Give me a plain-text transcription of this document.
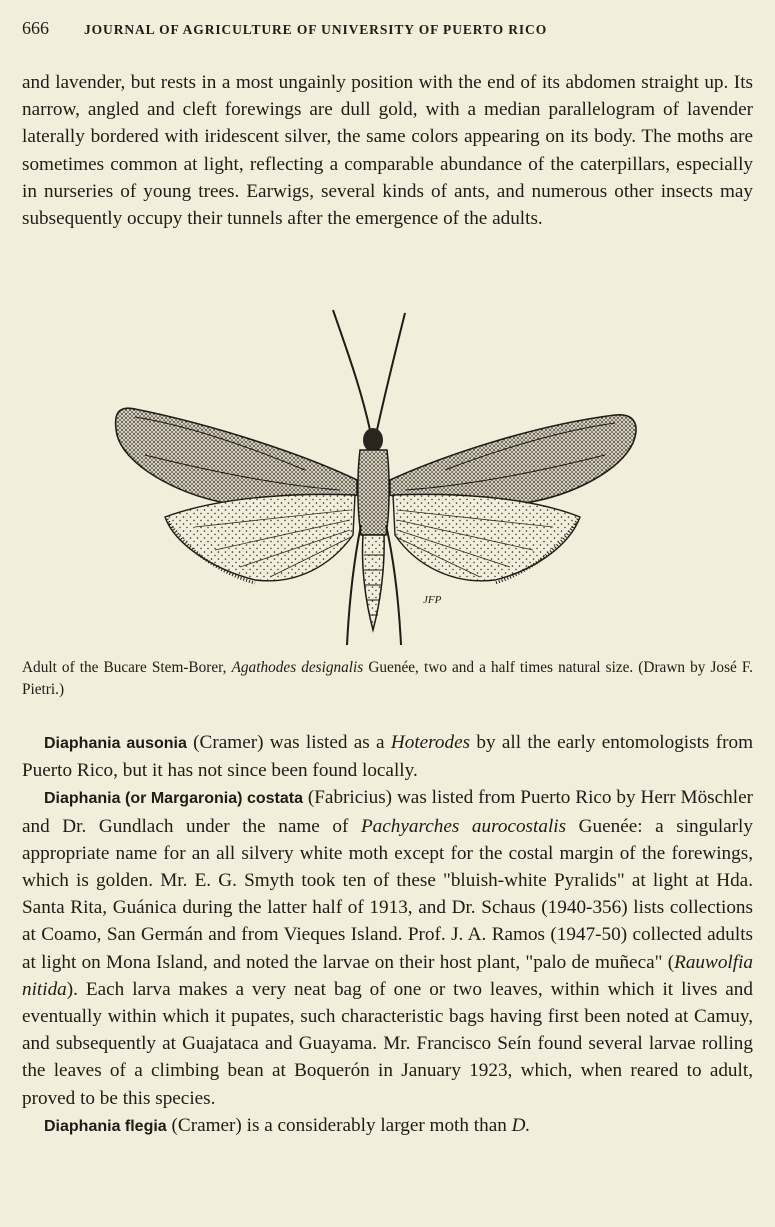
666	JOURNAL OF AGRICULTURE OF UNIVERSITY OF PUERTO RICO

and lavender, but rests in a most ungainly position with the end of its abdomen straight up. Its narrow, angled and cleft forewings are dull gold, with a median parallelogram of lavender laterally bordered with iridescent silver, the same colors appearing on its body. The moths are sometimes common at light, reflecting a comparable abundance of the caterpillars, especially in nurseries of young trees. Earwigs, several kinds of ants, and numerous other insects may subsequently occupy their tunnels after the emergence of the adults.

JFP
Adult of the Bucare Stem-Borer, Agathodes designalis Guenée, two and a half times natural size. (Drawn by José F. Pietri.)

Diaphania ausonia (Cramer) was listed as a Hoterodes by all the early entomologists from Puerto Rico, but it has not since been found locally.

Diaphania (or Margaronia) costata (Fabricius) was listed from Puerto Rico by Herr Möschler and Dr. Gundlach under the name of Pachyarches aurocostalis Guenée: a singularly appropriate name for an all silvery white moth except for the costal margin of the forewings, which is golden. Mr. E. G. Smyth took ten of these "bluish-white Pyralids" at light at Hda. Santa Rita, Guánica during the latter half of 1913, and Dr. Schaus (1940-356) lists collections at Coamo, San Germán and from Vieques Island. Prof. J. A. Ramos (1947-50) collected adults at light on Mona Island, and noted the larvae on their host plant, "palo de muñeca" (Rauwolfia nitida). Each larva makes a very neat bag of one or two leaves, within which it lives and eventually within which it pupates, such characteristic bags having first been noted at Camuy, and subsequently at Guajataca and Guayama. Mr. Francisco Seín found several larvae rolling the leaves of a climbing bean at Boquerón in January 1923, which, when reared to adult, proved to be this species.

Diaphania flegia (Cramer) is a considerably larger moth than D.
